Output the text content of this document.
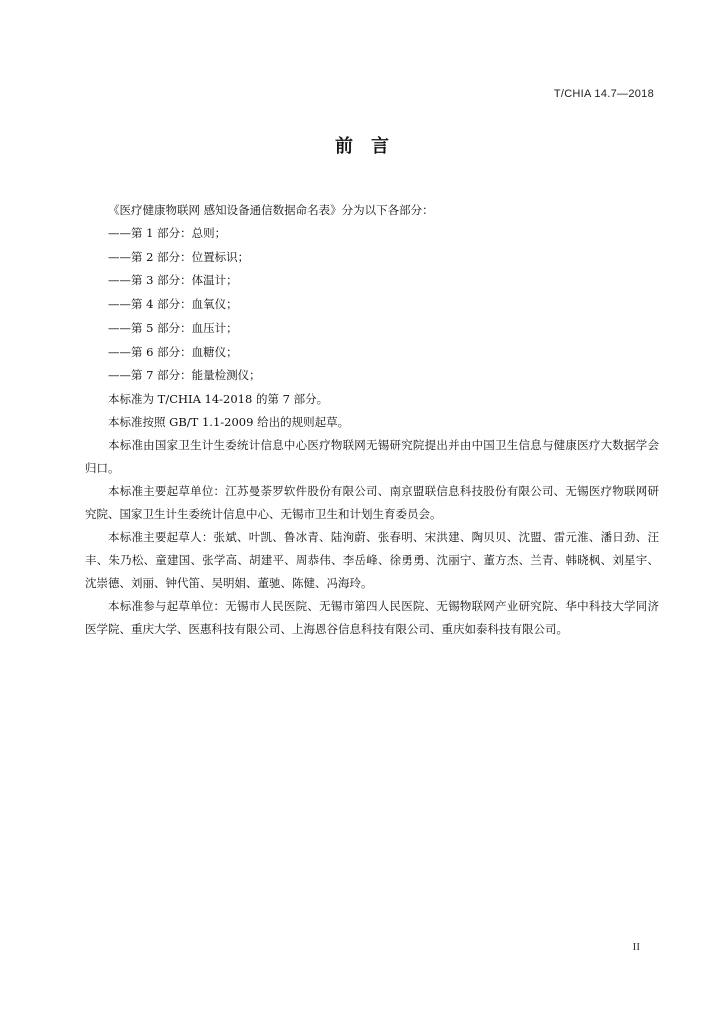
T/CHIA 14.7—2018
前言

《医疗健康物联网 感知设备通信数据命名表》分为以下各部分：

——第 1 部分：总则；
——第 2 部分：位置标识；
——第 3 部分：体温计；
——第 4 部分：血氧仪；
——第 5 部分：血压计；
——第 6 部分：血糖仪；
——第 7 部分：能量检测仪；

本标准为 T/CHIA 14-2018 的第 7 部分。

本标准按照 GB/T 1.1-2009 给出的规则起草。

本标准由国家卫生计生委统计信息中心医疗物联网无锡研究院提出并由中国卫生信息与健康医疗大数据学会归口。

本标准主要起草单位：江苏曼荼罗软件股份有限公司、南京盟联信息科技股份有限公司、无锡医疗物联网研究院、国家卫生计生委统计信息中心、无锡市卫生和计划生育委员会。

本标准主要起草人：张斌、叶凯、鲁冰青、陆洵蔚、张春明、宋洪建、陶贝贝、沈盟、雷元淮、潘日劲、汪丰、朱乃松、童建国、张学高、胡建平、周恭伟、李岳峰、徐勇勇、沈丽宁、董方杰、兰青、韩晓枫、刘星宇、沈崇德、刘丽、钟代笛、吴明娟、董驰、陈健、冯海玲。

本标准参与起草单位：无锡市人民医院、无锡市第四人民医院、无锡物联网产业研究院、华中科技大学同济医学院、重庆大学、医惠科技有限公司、上海恩谷信息科技有限公司、重庆如泰科技有限公司。

II
